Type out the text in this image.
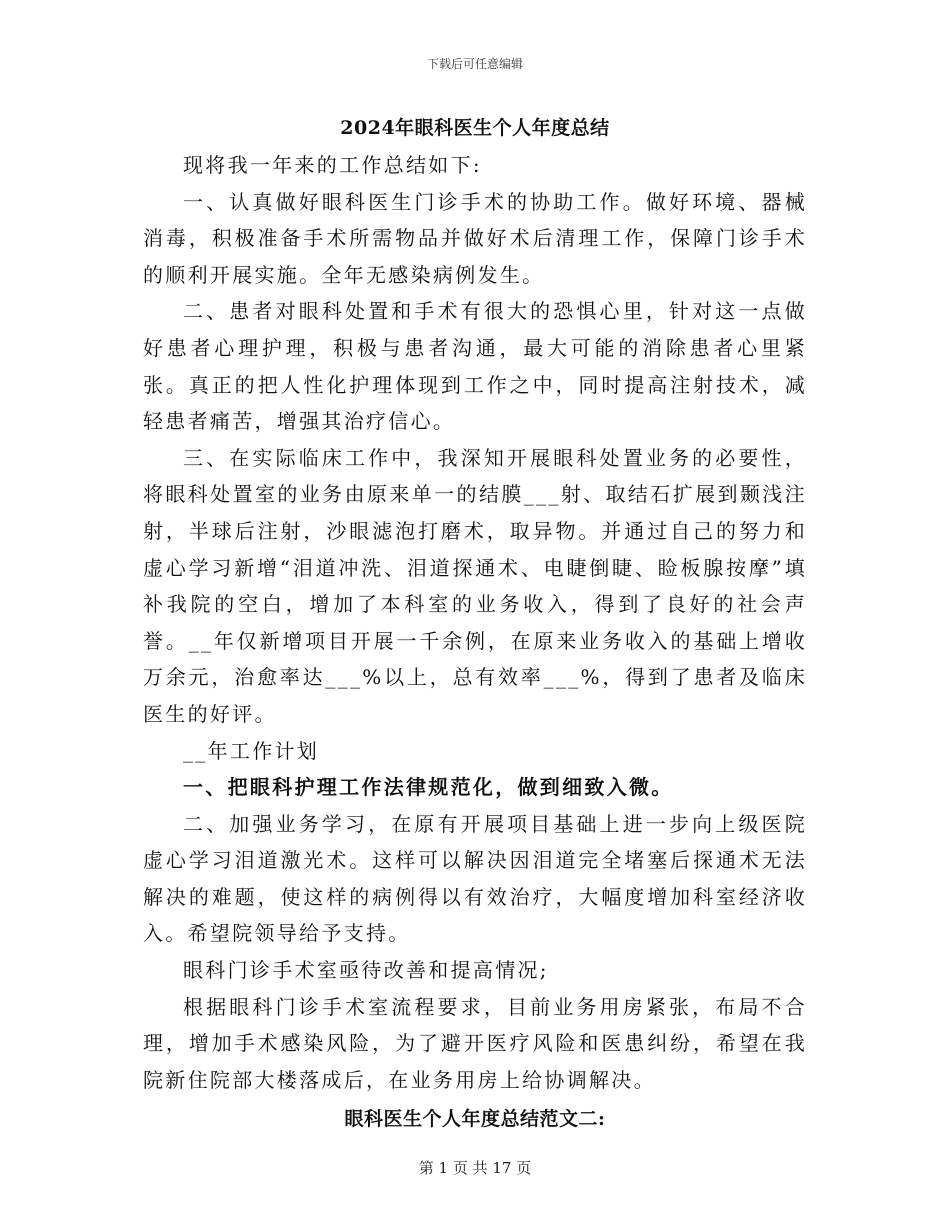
下载后可任意编辑
2024年眼科医生个人年度总结

现将我一年来的工作总结如下:

一、认真做好眼科医生门诊手术的协助工作。做好环境、器械消毒，积极准备手术所需物品并做好术后清理工作，保障门诊手术的顺利开展实施。全年无感染病例发生。

二、患者对眼科处置和手术有很大的恐惧心里，针对这一点做好患者心理护理，积极与患者沟通，最大可能的消除患者心里紧张。真正的把人性化护理体现到工作之中，同时提高注射技术，减轻患者痛苦，增强其治疗信心。

三、在实际临床工作中，我深知开展眼科处置业务的必要性，将眼科处置室的业务由原来单一的结膜___射、取结石扩展到颞浅注射，半球后注射，沙眼滤泡打磨术，取异物。并通过自己的努力和虚心学习新增“泪道冲洗、泪道探通术、电睫倒睫、睑板腺按摩”填补我院的空白，增加了本科室的业务收入，得到了良好的社会声誉。__年仅新增项目开展一千余例，在原来业务收入的基础上增收万余元，治愈率达___%以上，总有效率___%，得到了患者及临床医生的好评。

__年工作计划

一、把眼科护理工作法律规范化，做到细致入微。

二、加强业务学习，在原有开展项目基础上进一步向上级医院虚心学习泪道激光术。这样可以解决因泪道完全堵塞后探通术无法解决的难题，使这样的病例得以有效治疗，大幅度增加科室经济收入。希望院领导给予支持。

眼科门诊手术室亟待改善和提高情况;

根据眼科门诊手术室流程要求，目前业务用房紧张，布局不合理，增加手术感染风险，为了避开医疗风险和医患纠纷，希望在我院新住院部大楼落成后，在业务用房上给协调解决。

眼科医生个人年度总结范文二:

第 1 页 共 17 页
